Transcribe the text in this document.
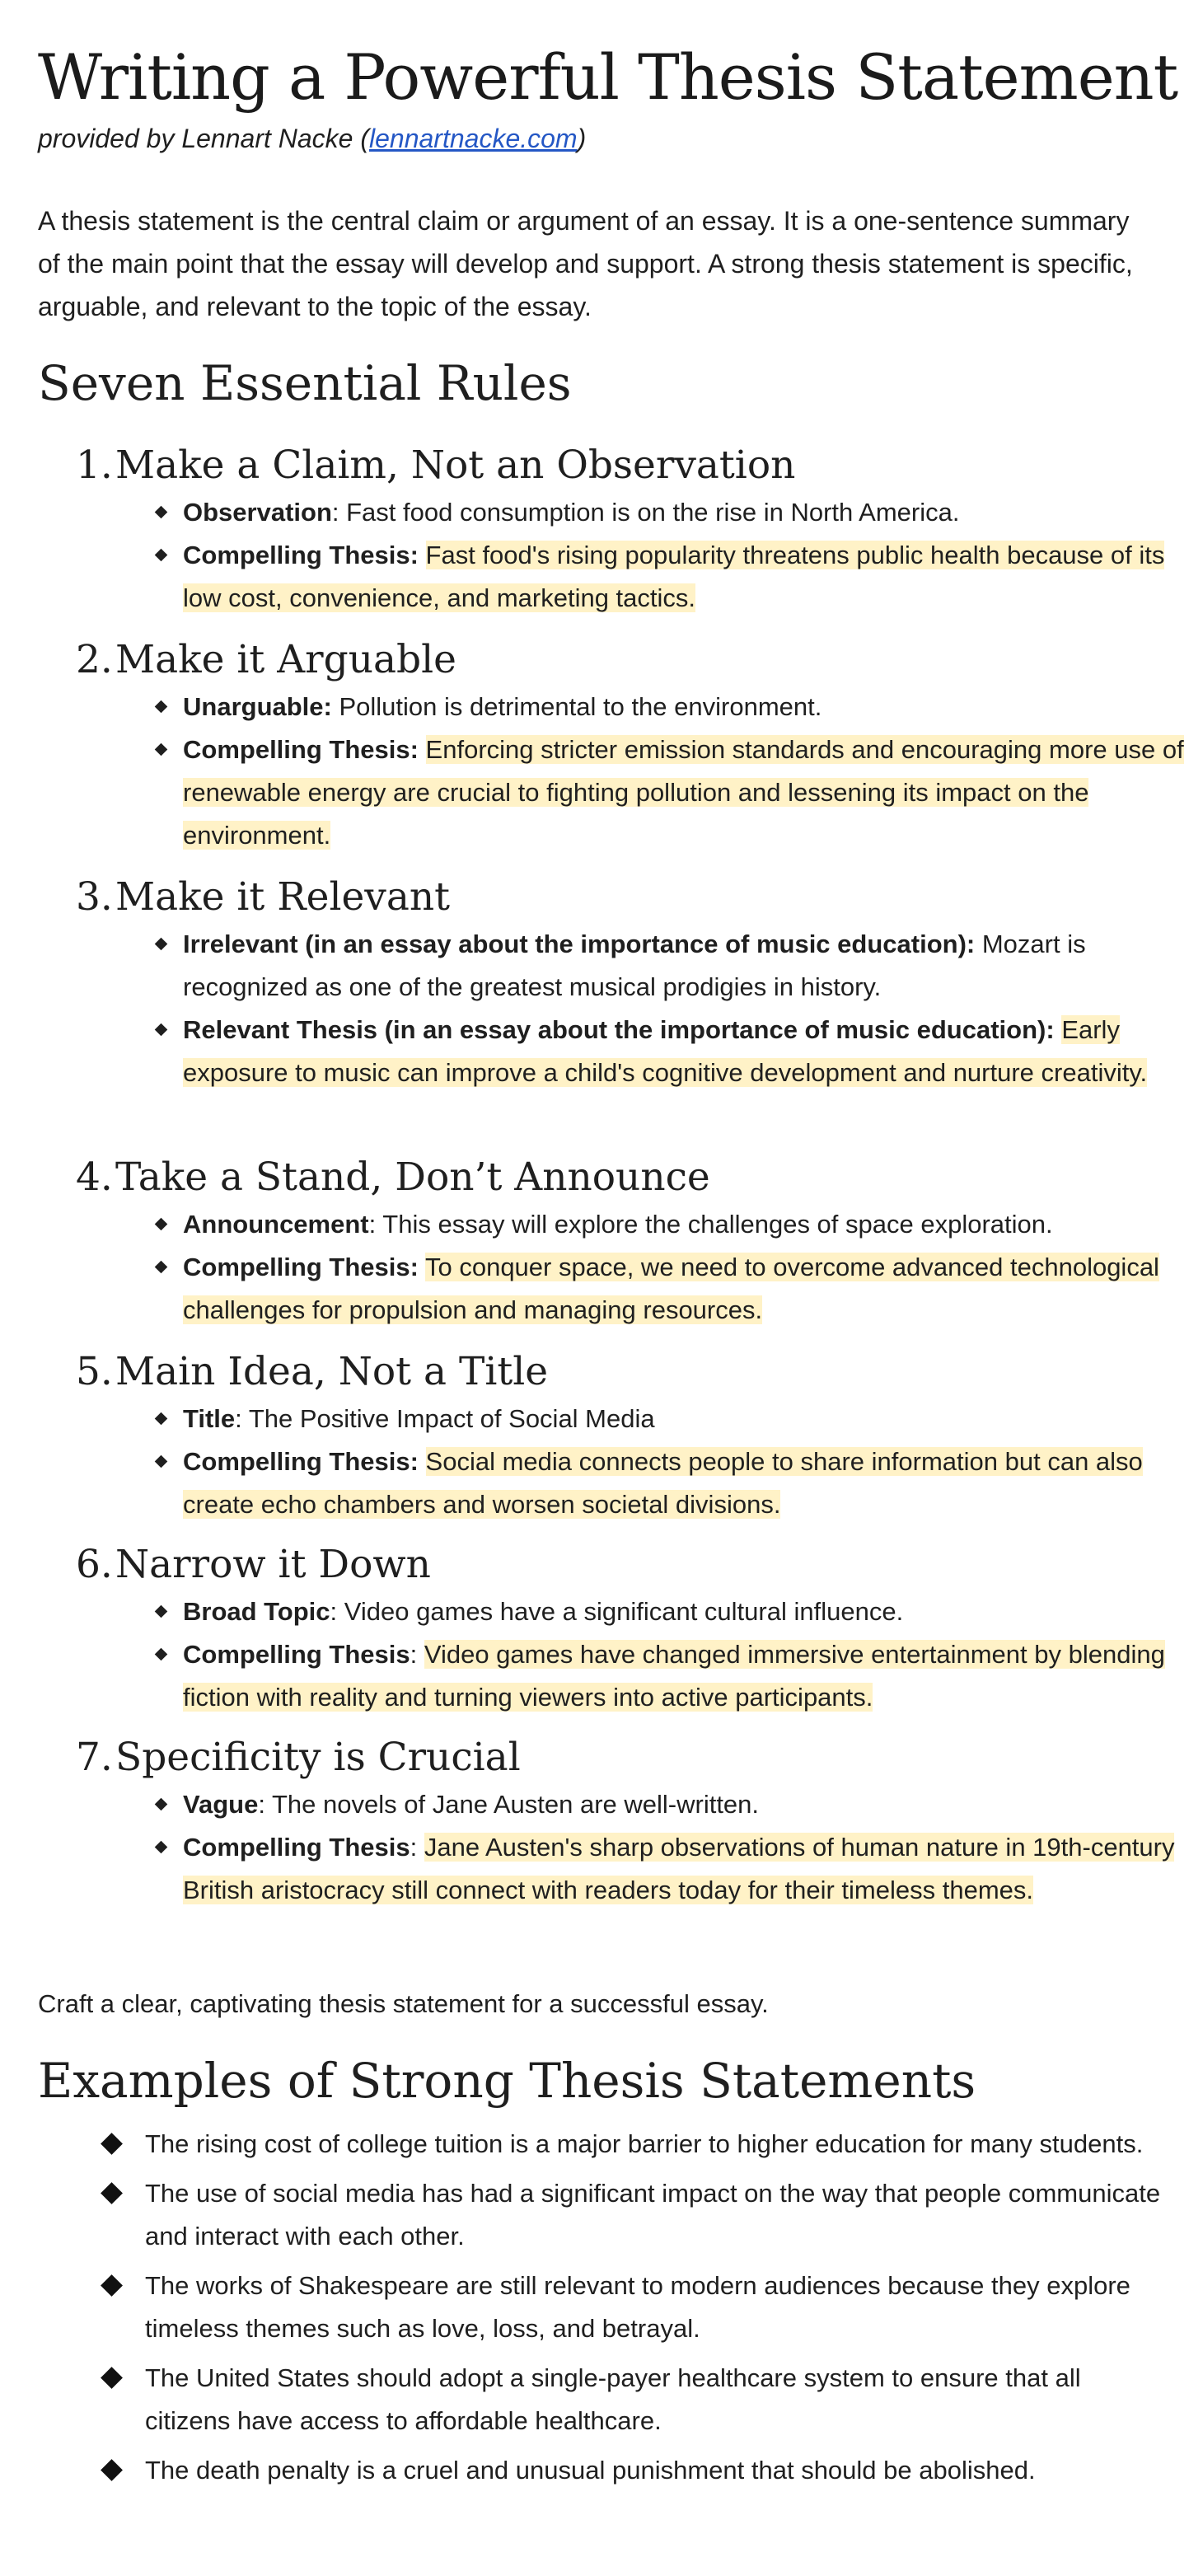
Writing a Powerful Thesis Statement
provided by Lennart Nacke (lennartnacke.com)

A thesis statement is the central claim or argument of an essay. It is a one-sentence summary of the main point that the essay will develop and support. A strong thesis statement is specific, arguable, and relevant to the topic of the essay.

Seven Essential Rules
1. Make a Claim, Not an Observation
Observation: Fast food consumption is on the rise in North America.
Compelling Thesis: Fast food's rising popularity threatens public health because of its low cost, convenience, and marketing tactics.
2. Make it Arguable
Unarguable: Pollution is detrimental to the environment.
Compelling Thesis: Enforcing stricter emission standards and encouraging more use of renewable energy are crucial to fighting pollution and lessening its impact on the environment.
3. Make it Relevant
Irrelevant (in an essay about the importance of music education): Mozart is recognized as one of the greatest musical prodigies in history.
Relevant Thesis (in an essay about the importance of music education): Early exposure to music can improve a child's cognitive development and nurture creativity.
4. Take a Stand, Don’t Announce
Announcement: This essay will explore the challenges of space exploration.
Compelling Thesis: To conquer space, we need to overcome advanced technological challenges for propulsion and managing resources.
5. Main Idea, Not a Title
Title: The Positive Impact of Social Media
Compelling Thesis: Social media connects people to share information but can also create echo chambers and worsen societal divisions.
6. Narrow it Down
Broad Topic: Video games have a significant cultural influence.
Compelling Thesis: Video games have changed immersive entertainment by blending fiction with reality and turning viewers into active participants.
7. Specificity is Crucial
Vague: The novels of Jane Austen are well-written.
Compelling Thesis: Jane Austen's sharp observations of human nature in 19th-century British aristocracy still connect with readers today for their timeless themes.
Craft a clear, captivating thesis statement for a successful essay.
Examples of Strong Thesis Statements
The rising cost of college tuition is a major barrier to higher education for many students.
The use of social media has had a significant impact on the way that people communicate and interact with each other.
The works of Shakespeare are still relevant to modern audiences because they explore timeless themes such as love, loss, and betrayal.
The United States should adopt a single-payer healthcare system to ensure that all citizens have access to affordable healthcare.
The death penalty is a cruel and unusual punishment that should be abolished.
